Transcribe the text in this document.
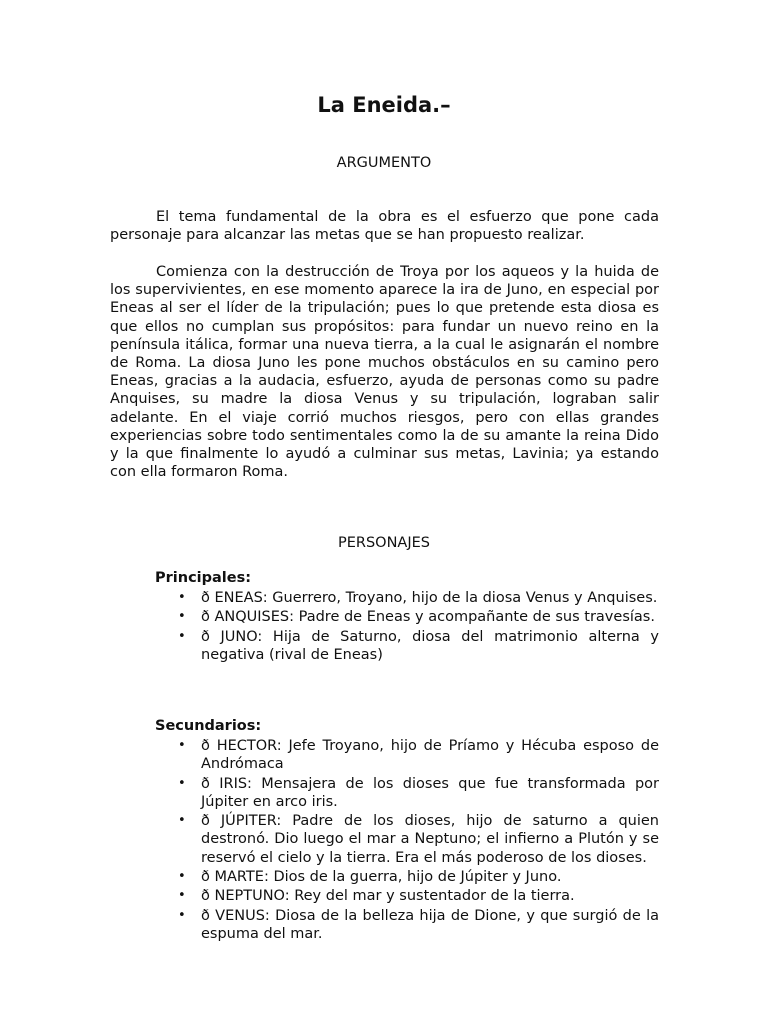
La Eneida.–
ARGUMENTO

El tema fundamental de la obra es el esfuerzo que pone cada personaje para alcanzar las metas que se han propuesto realizar.

Comienza con la destrucción de Troya por los aqueos y la huida de los supervivientes, en ese momento aparece la ira de Juno, en especial por Eneas al ser el líder de la tripulación; pues lo que pretende esta diosa es que ellos no cumplan sus propósitos: para fundar un nuevo reino en la península itálica, formar una nueva tierra, a la cual le asignarán el nombre de Roma. La diosa Juno les pone muchos obstáculos en su camino pero Eneas, gracias a la audacia, esfuerzo, ayuda de personas como su padre Anquises, su madre la diosa Venus y su tripulación, lograban salir adelante. En el viaje corrió muchos riesgos, pero con ellas grandes experiencias sobre todo sentimentales como la de su amante la reina Dido y la que finalmente lo ayudó a culminar sus metas, Lavinia; ya estando con ella formaron Roma.

PERSONAJES
Principales:
• ð ENEAS: Guerrero, Troyano, hijo de la diosa Venus y Anquises.
• ð ANQUISES: Padre de Eneas y acompañante de sus travesías.
• ð JUNO: Hija de Saturno, diosa del matrimonio alterna y negativa (rival de Eneas)
Secundarios:
• ð HECTOR: Jefe Troyano, hijo de Príamo y Hécuba esposo de Andrómaca
• ð IRIS: Mensajera de los dioses que fue transformada por Júpiter en arco iris.
• ð JÚPITER: Padre de los dioses, hijo de saturno a quien destronó. Dio luego el mar a Neptuno; el infierno a Plutón y se reservó el cielo y la tierra. Era el más poderoso de los dioses.
• ð MARTE: Dios de la guerra, hijo de Júpiter y Juno.
• ð NEPTUNO: Rey del mar y sustentador de la tierra.
• ð VENUS: Diosa de la belleza hija de Dione, y que surgió de la espuma del mar.
